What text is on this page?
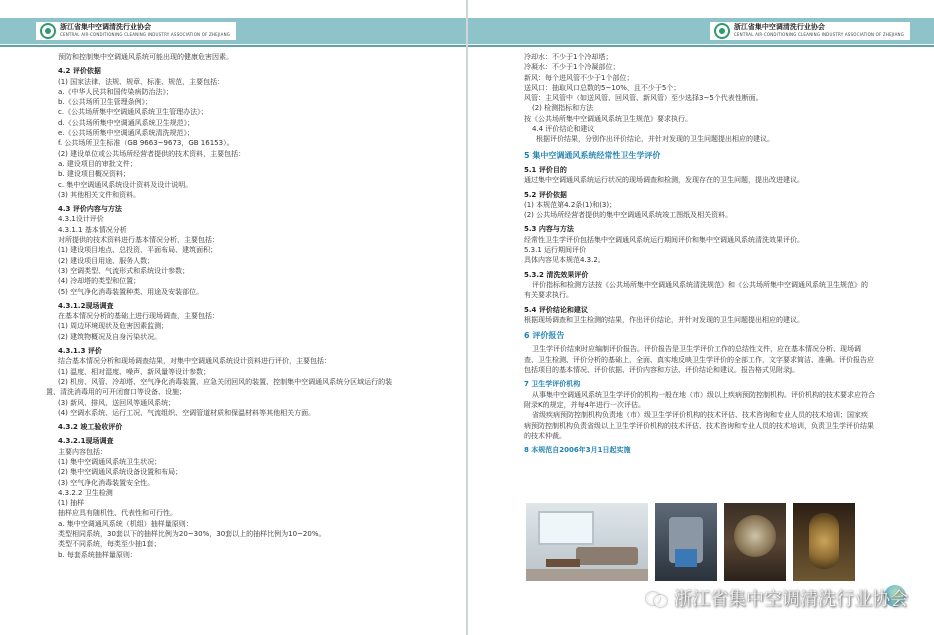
浙江省集中空调清洗行业协会
CENTRAL AIR-CONDITIONING CLEANING INDUSTRY ASSOCIATION OF ZHEJIANG
预防和控制集中空调通风系统可能出现的健康危害因素。
4.2 评价依据
(1) 国家法律、法规、规章、标准、规范，主要包括：
a.《中华人民共和国传染病防治法》；
b.《公共场所卫生管理条例》；
c.《公共场所集中空调通风系统卫生管理办法》；
d.《公共场所集中空调通风系统卫生规范》；
e.《公共场所集中空调通风系统清洗规范》；
f. 公共场所卫生标准（GB 9663~9673，GB 16153）。
(2) 建设单位或公共场所经营者提供的技术资料，主要包括：
a. 建设项目的审批文件；
b. 建设项目概况资料；
c. 集中空调通风系统设计资料及设计说明。
(3) 其他相关文件和资料。
4.3 评价内容与方法
4.3.1设计评价
4.3.1.1 基本情况分析
对所提供的技术资料进行基本情况分析，主要包括：
(1) 建设项目地点、总投资、平面布局、建筑面积；
(2) 建设项目用途、服务人数；
(3) 空调类型、气流形式和系统设计参数；
(4) 冷却塔的类型和位置；
(5) 空气净化消毒装置种类、用途及安装部位。
4.3.1.2现场调查
在基本情况分析的基础上进行现场调查，主要包括：
(1) 周边环境现状及危害因素监测；
(2) 建筑物概况及自身污染状况。
4.3.1.3 评价
结合基本情况分析和现场调查结果，对集中空调通风系统设计资料进行评价，主要包括：
(1) 温度、相对湿度、噪声、新风量等设计参数；
(2) 机房、风管、冷却塔、空气净化消毒装置、应急关闭回风的装置、控制集中空调通风系统分区域运行的装
置、清洗消毒用的可开闭窗口等设备、设施；
(3) 新风、排风、送回风等通风系统；
(4) 空调水系统、运行工况、气流组织、空调管道材质和保温材料等其他相关方面。
4.3.2 竣工验收评价
4.3.2.1现场调查
主要内容包括：
(1) 集中空调通风系统卫生状况；
(2) 集中空调通风系统设备设置和布局；
(3) 空气净化消毒装置安全性。
4.3.2.2 卫生检测
(1) 抽样
抽样应具有随机性、代表性和可行性。
a. 集中空调通风系统（机组）抽样量原则：
类型相同系统，30套以下的抽样比例为20~30%，30套以上的抽样比例为10~20%。
类型不同系统，每类至少抽1套；
b. 每套系统抽样量原则：
浙江省集中空调清洗行业协会
CENTRAL AIR-CONDITIONING CLEANING INDUSTRY ASSOCIATION OF ZHEJIANG
冷却水：不少于1个冷却塔；
冷凝水：不少于1个冷凝部位；
新风：每个进风管不少于1个部位；
送风口：抽取风口总数的5~10%，且不少于5个；
风管：主风管中（如送风管、回风管、新风管）至少选择3~5个代表性断面。
(2) 检测指标和方法
按《公共场所集中空调通风系统卫生规范》要求执行。
4.4 评价结论和建议
根据评价结果，分别作出评价结论，并针对发现的卫生问题提出相应的建议。
5 集中空调通风系统经常性卫生学评价
5.1 评价目的
通过集中空调通风系统运行状况的现场调查和检测，发现存在的卫生问题，提出改进建议。
5.2 评价依据
(1) 本规范第4.2条(1)和(3)；
(2) 公共场所经营者提供的集中空调通风系统竣工图纸及相关资料。
5.3 内容与方法
经常性卫生学评价包括集中空调通风系统运行期间评价和集中空调通风系统清洗效果评价。
5.3.1 运行期间评价
具体内容见本规范4.3.2。
5.3.2 清洗效果评价
评价指标和检测方法按《公共场所集中空调通风系统清洗规范》和《公共场所集中空调通风系统卫生规范》的
有关要求执行。
5.4 评价结论和建议
根据现场调查和卫生检测的结果，作出评价结论，并针对发现的卫生问题提出相应的建议。
6 评价报告
卫生学评价结束时应编制评价报告。评价报告是卫生学评价工作的总结性文件，应在基本情况分析、现场调
查、卫生检测、评价分析的基础上，全面、真实地反映卫生学评价的全部工作，文字要求简洁、准确。评价报告应
包括项目的基本情况、评价依据、评价内容和方法、评价结论和建议。报告格式见附录J。
7 卫生学评价机构
从事集中空调通风系统卫生学评价的机构一般在地（市）级以上疾病预防控制机构。评价机构的技术要求应符合
附录K的规定，并每4年进行一次评估。
省级疾病预防控制机构负责地（市）级卫生学评价机构的技术评估、技术咨询和专业人员的技术培训；国家疾
病预防控制机构负责省级以上卫生学评价机构的技术评估、技术咨询和专业人员的技术培训，负责卫生学评价结果
的技术仲裁。
8 本规范自2006年3月1日起实施
浙江省集中空调清洗行业协会
